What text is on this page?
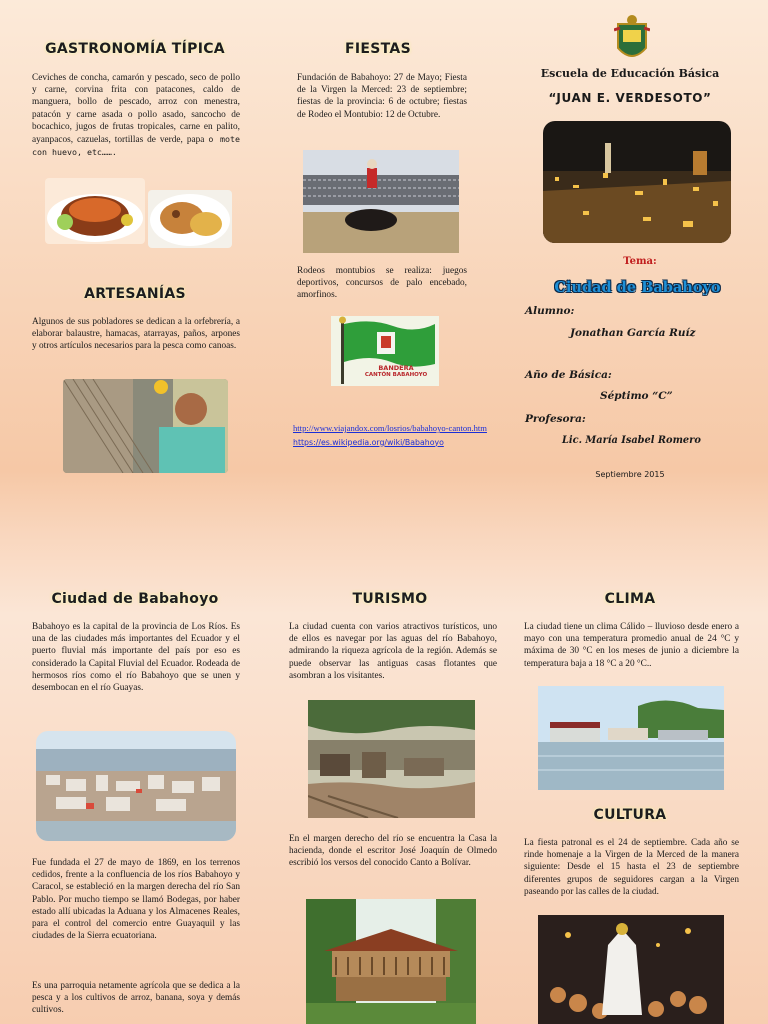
GASTRONOMÍA TÍPICA
Ceviches de concha, camarón y pescado, seco de pollo y carne, corvina frita con patacones, caldo de manguera, bollo de pescado, arroz con menestra, patacón y carne asada o pollo asado, sancocho de bocachico, jugos de frutas tropicales, carne en palito, ayanpacos, cazuelas, tortillas de verde, papa o mote con huevo, etc…….
ARTESANÍAS
Algunos de sus pobladores se dedican a la orfebrería, a elaborar balaustre, hamacas, atarrayas, paños, arpones y otros artículos necesarios para la pesca como canoas.
FIESTAS
Fundación de Babahoyo: 27 de Mayo; Fiesta de la Virgen la Merced: 23 de septiembre; fiestas de la provincia: 6 de octubre; fiestas de Rodeo el Montubio: 12 de Octubre.
Rodeos montubios se realiza: juegos deportivos, concursos de palo encebado, amorfinos.
BANDERA
CANTÓN BABAHOYO
http://www.viajandox.com/losrios/babahoyo-canton.htm
https://es.wikipedia.org/wiki/Babahoyo
Escuela de Educación Básica
“JUAN E. VERDESOTO”
Tema:
Ciudad de Babahoyo
Alumno:
Jonathan García Ruíz
Año de Básica:
Séptimo “C”
Profesora:
Lic. María Isabel Romero
Septiembre 2015
Ciudad de Babahoyo
Babahoyo es la capital de la provincia de Los Ríos. Es una de las ciudades más importantes del Ecuador y el puerto fluvial más importante del país por eso es considerado la Capital Fluvial del Ecuador. Rodeada de hermosos ríos como el río Babahoyo que se unen y desembocan en el río Guayas.
Fue fundada el 27 de mayo de 1869, en los terrenos cedidos, frente a la confluencia de los ríos Babahoyo y Caracol, se estableció en la margen derecha del río San Pablo. Por mucho tiempo se llamó Bodegas, por haber estado allí ubicadas la Aduana y los Almacenes Reales, para el control del comercio entre Guayaquil y las ciudades de la Sierra ecuatoriana.
Es una parroquia netamente agrícola que se dedica a la pesca y a los cultivos de arroz, banana, soya y demás cultivos.
TURISMO
La ciudad cuenta con varios atractivos turísticos, uno de ellos es navegar por las aguas del río Babahoyo, admirando la riqueza agrícola de la región. Además se puede observar las antiguas casas flotantes que asombran a los visitantes.
En el margen derecho del río se encuentra la Casa la hacienda, donde el escritor José Joaquín de Olmedo escribió los versos del conocido Canto a Bolívar.
CLIMA
La ciudad tiene un clima Cálido – lluvioso desde enero a mayo con una temperatura promedio anual de 24 °C y máxima de 30 °C en los meses de junio a diciembre la temperatura baja a 18 °C a 20 °C..
CULTURA
La fiesta patronal es el 24 de septiembre. Cada año se rinde homenaje a la Virgen de la Merced de la manera siguiente: Desde el 15 hasta el 23 de septiembre diferentes grupos de seguidores cargan a la Virgen paseando por las calles de la ciudad.
